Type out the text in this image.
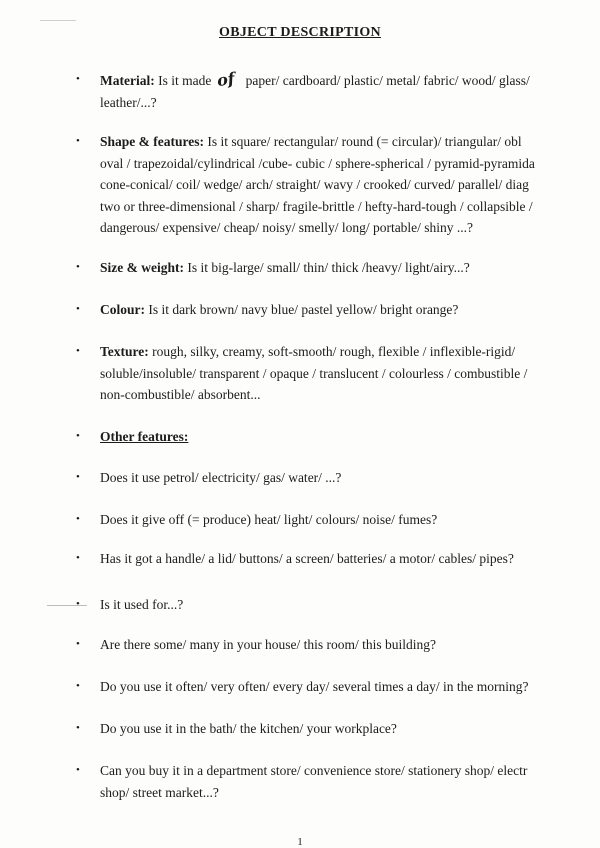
OBJECT DESCRIPTION
•	Material: Is it made of paper/ cardboard/ plastic/ metal/ fabric/ wood/ glass/
leather/...?
•	Shape & features: Is it square/ rectangular/ round (= circular)/ triangular/ obl
oval / trapezoidal/cylindrical /cube- cubic / sphere-spherical / pyramid-pyramida
cone-conical/ coil/ wedge/ arch/ straight/ wavy / crooked/ curved/ parallel/ diag
two or three-dimensional / sharp/ fragile-brittle / hefty-hard-tough / collapsible /
dangerous/ expensive/ cheap/ noisy/ smelly/ long/ portable/ shiny ...?
•	Size & weight: Is it big-large/ small/ thin/ thick /heavy/ light/airy...?
•	Colour: Is it dark brown/ navy blue/ pastel yellow/ bright orange?
•	Texture: rough, silky, creamy, soft-smooth/ rough, flexible / inflexible-rigid/
soluble/insoluble/ transparent / opaque / translucent / colourless / combustible /
non-combustible/ absorbent...
•	Other features:
•	Does it use petrol/ electricity/ gas/ water/ ...?
•	Does it give off (= produce) heat/ light/ colours/ noise/ fumes?
•	Has it got a handle/ a lid/ buttons/ a screen/ batteries/ a motor/ cables/ pipes?
•	Is it used for...?
•	Are there some/ many in your house/ this room/ this building?
•	Do you use it often/ very often/ every day/ several times a day/ in the morning?
•	Do you use it in the bath/ the kitchen/ your workplace?
•	Can you buy it in a department store/ convenience store/ stationery shop/ electr
shop/ street market...?
1
